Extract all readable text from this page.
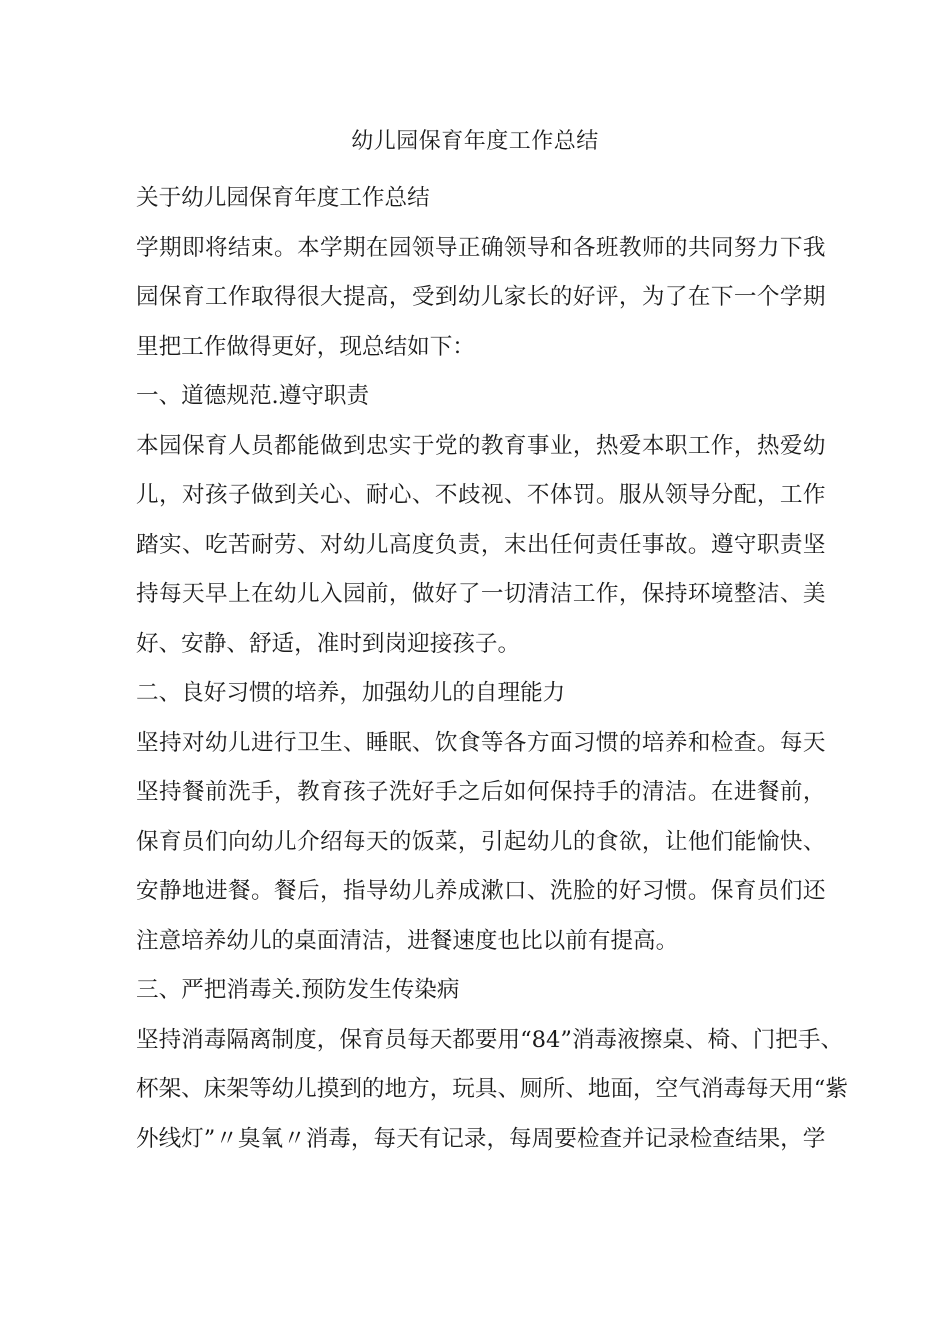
幼儿园保育年度工作总结
关于幼儿园保育年度工作总结
学期即将结束。本学期在园领导正确领导和各班教师的共同努力下我
园保育工作取得很大提高，受到幼儿家长的好评，为了在下一个学期
里把工作做得更好，现总结如下：
一、道德规范.遵守职责
本园保育人员都能做到忠实于党的教育事业，热爱本职工作，热爱幼
儿，对孩子做到关心、耐心、不歧视、不体罚。服从领导分配，工作
踏实、吃苦耐劳、对幼儿高度负责，末出任何责任事故。遵守职责坚
持每天早上在幼儿入园前，做好了一切清洁工作，保持环境整洁、美
好、安静、舒适，准时到岗迎接孩子。
二、良好习惯的培养，加强幼儿的自理能力
坚持对幼儿进行卫生、睡眠、饮食等各方面习惯的培养和检查。每天
坚持餐前洗手，教育孩子洗好手之后如何保持手的清洁。在进餐前，
保育员们向幼儿介绍每天的饭菜，引起幼儿的食欲，让他们能愉快、
安静地进餐。餐后，指导幼儿养成漱口、洗脸的好习惯。保育员们还
注意培养幼儿的桌面清洁，进餐速度也比以前有提高。
三、严把消毒关.预防发生传染病
坚持消毒隔离制度，保育员每天都要用“84”消毒液擦桌、椅、门把手、
杯架、床架等幼儿摸到的地方，玩具、厕所、地面，空气消毒每天用“紫
外线灯”〃臭氧〃消毒，每天有记录，每周要检查并记录检查结果，学
